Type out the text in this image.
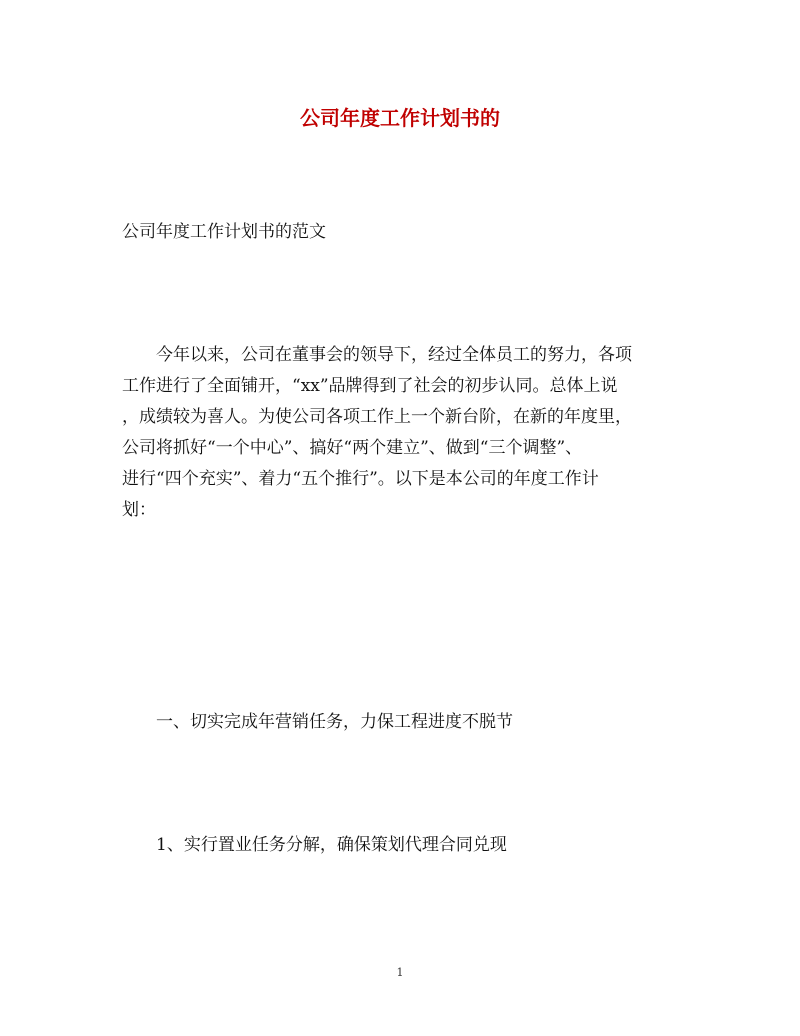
公司年度工作计划书的

公司年度工作计划书的范文

今年以来，公司在董事会的领导下，经过全体员工的努力，各项
工作进行了全面铺开，“xx”品牌得到了社会的初步认同。总体上说
，成绩较为喜人。为使公司各项工作上一个新台阶，在新的年度里，
公司将抓好“一个中心”、搞好“两个建立”、做到“三个调整”、
进行“四个充实”、着力“五个推行”。以下是本公司的年度工作计
划：

一、切实完成年营销任务，力保工程进度不脱节

1、实行置业任务分解，确保策划代理合同兑现

1
